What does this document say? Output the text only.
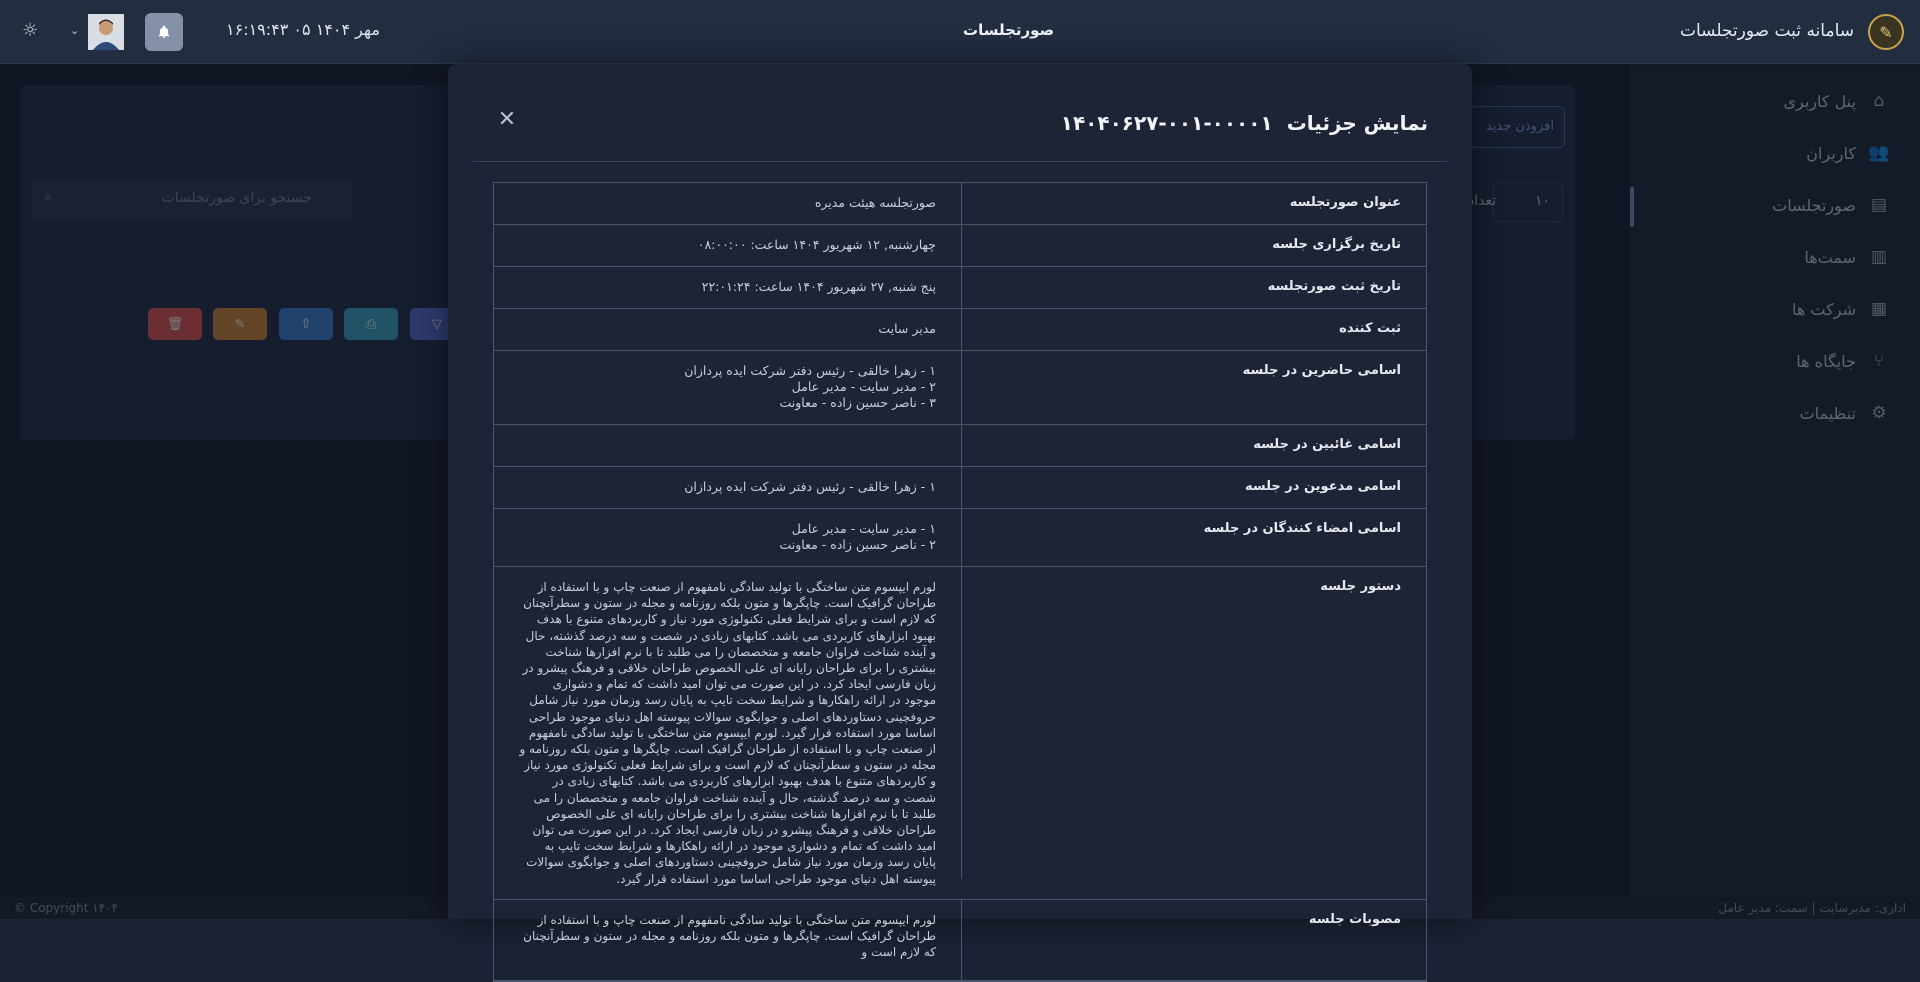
✎
سامانه ثبت صورتجلسات
صورتجلسات
۱۶:۱۹:۴۳ ۰۵ مهر ۱۴۰۴
⌄
☼
نمایش جزئیات
۱۴۰۴۰۶۲۷-۰۰۱-۰۰۰۰۱
✕
عنوان صورتجلسه
صورتجلسه هیئت مدیره
تاریخ برگزاری جلسه
چهارشنبه, ۱۲ شهریور ۱۴۰۴ ساعت: ۰۸:۰۰:۰۰
تاریخ ثبت صورتجلسه
پنج شنبه, ۲۷ شهریور ۱۴۰۴ ساعت: ۲۲:۰۱:۲۴
ثبت کننده
مدیر سایت
اسامی حاضرین در جلسه
۱ - زهرا خالقی - رئیس دفتر شرکت ایده پردازان
۲ - مدیر سایت - مدیر عامل
۳ - ناصر حسین زاده - معاونت
اسامی غائبین در جلسه
اسامی مدعوین در جلسه
۱ - زهرا خالقی - رئیس دفتر شرکت ایده پردازان
اسامی امضاء کنندگان در جلسه
۱ - مدیر سایت - مدیر عامل
۲ - ناصر حسین زاده - معاونت
دستور جلسه

لورم ایپسوم متن ساختگی با تولید سادگی نامفهوم از صنعت چاپ و با استفاده از طراحان گرافیک است. چاپگرها و متون بلکه روزنامه و مجله در ستون و سطرآنچنان که لازم است و برای شرایط فعلی تکنولوژی مورد نیاز و کاربردهای متنوع با هدف بهبود ابزارهای کاربردی می باشد. کتابهای زیادی در شصت و سه درصد گذشته، حال و آینده شناخت فراوان جامعه و متخصصان را می طلبد تا با نرم افزارها شناخت بیشتری را برای طراحان رایانه ای علی الخصوص طراحان خلاقی و فرهنگ پیشرو در زبان فارسی ایجاد کرد. در این صورت می توان امید داشت که تمام و دشواری موجود در ارائه راهکارها و شرایط سخت تایپ به پایان رسد وزمان مورد نیاز شامل حروفچینی دستاوردهای اصلی و جوابگوی سوالات پیوسته اهل دنیای موجود طراحی اساسا مورد استفاده قرار گیرد. لورم ایپسوم متن ساختگی با تولید سادگی نامفهوم از صنعت چاپ و با استفاده از طراحان گرافیک است. چاپگرها و متون بلکه روزنامه و مجله در ستون و سطرآنچنان که لازم است و برای شرایط فعلی تکنولوژی مورد نیاز و کاربردهای متنوع با هدف بهبود ابزارهای کاربردی می باشد. کتابهای زیادی در شصت و سه درصد گذشته، حال و آینده شناخت فراوان جامعه و متخصصان را می طلبد تا با نرم افزارها شناخت بیشتری را برای طراحان رایانه ای علی الخصوص طراحان خلاقی و فرهنگ پیشرو در زبان فارسی ایجاد کرد. در این صورت می توان امید داشت که تمام و دشواری موجود در ارائه راهکارها و شرایط سخت تایپ به پایان رسد وزمان مورد نیاز شامل حروفچینی دستاوردهای اصلی و جوابگوی سوالات پیوسته اهل دنیای موجود طراحی اساسا مورد استفاده قرار گیرد.

مصوبات جلسه

لورم ایپسوم متن ساختگی با تولید سادگی نامفهوم از صنعت چاپ و با استفاده از طراحان گرافیک است. چاپگرها و متون بلکه روزنامه و مجله در ستون و سطرآنچنان که لازم است و
